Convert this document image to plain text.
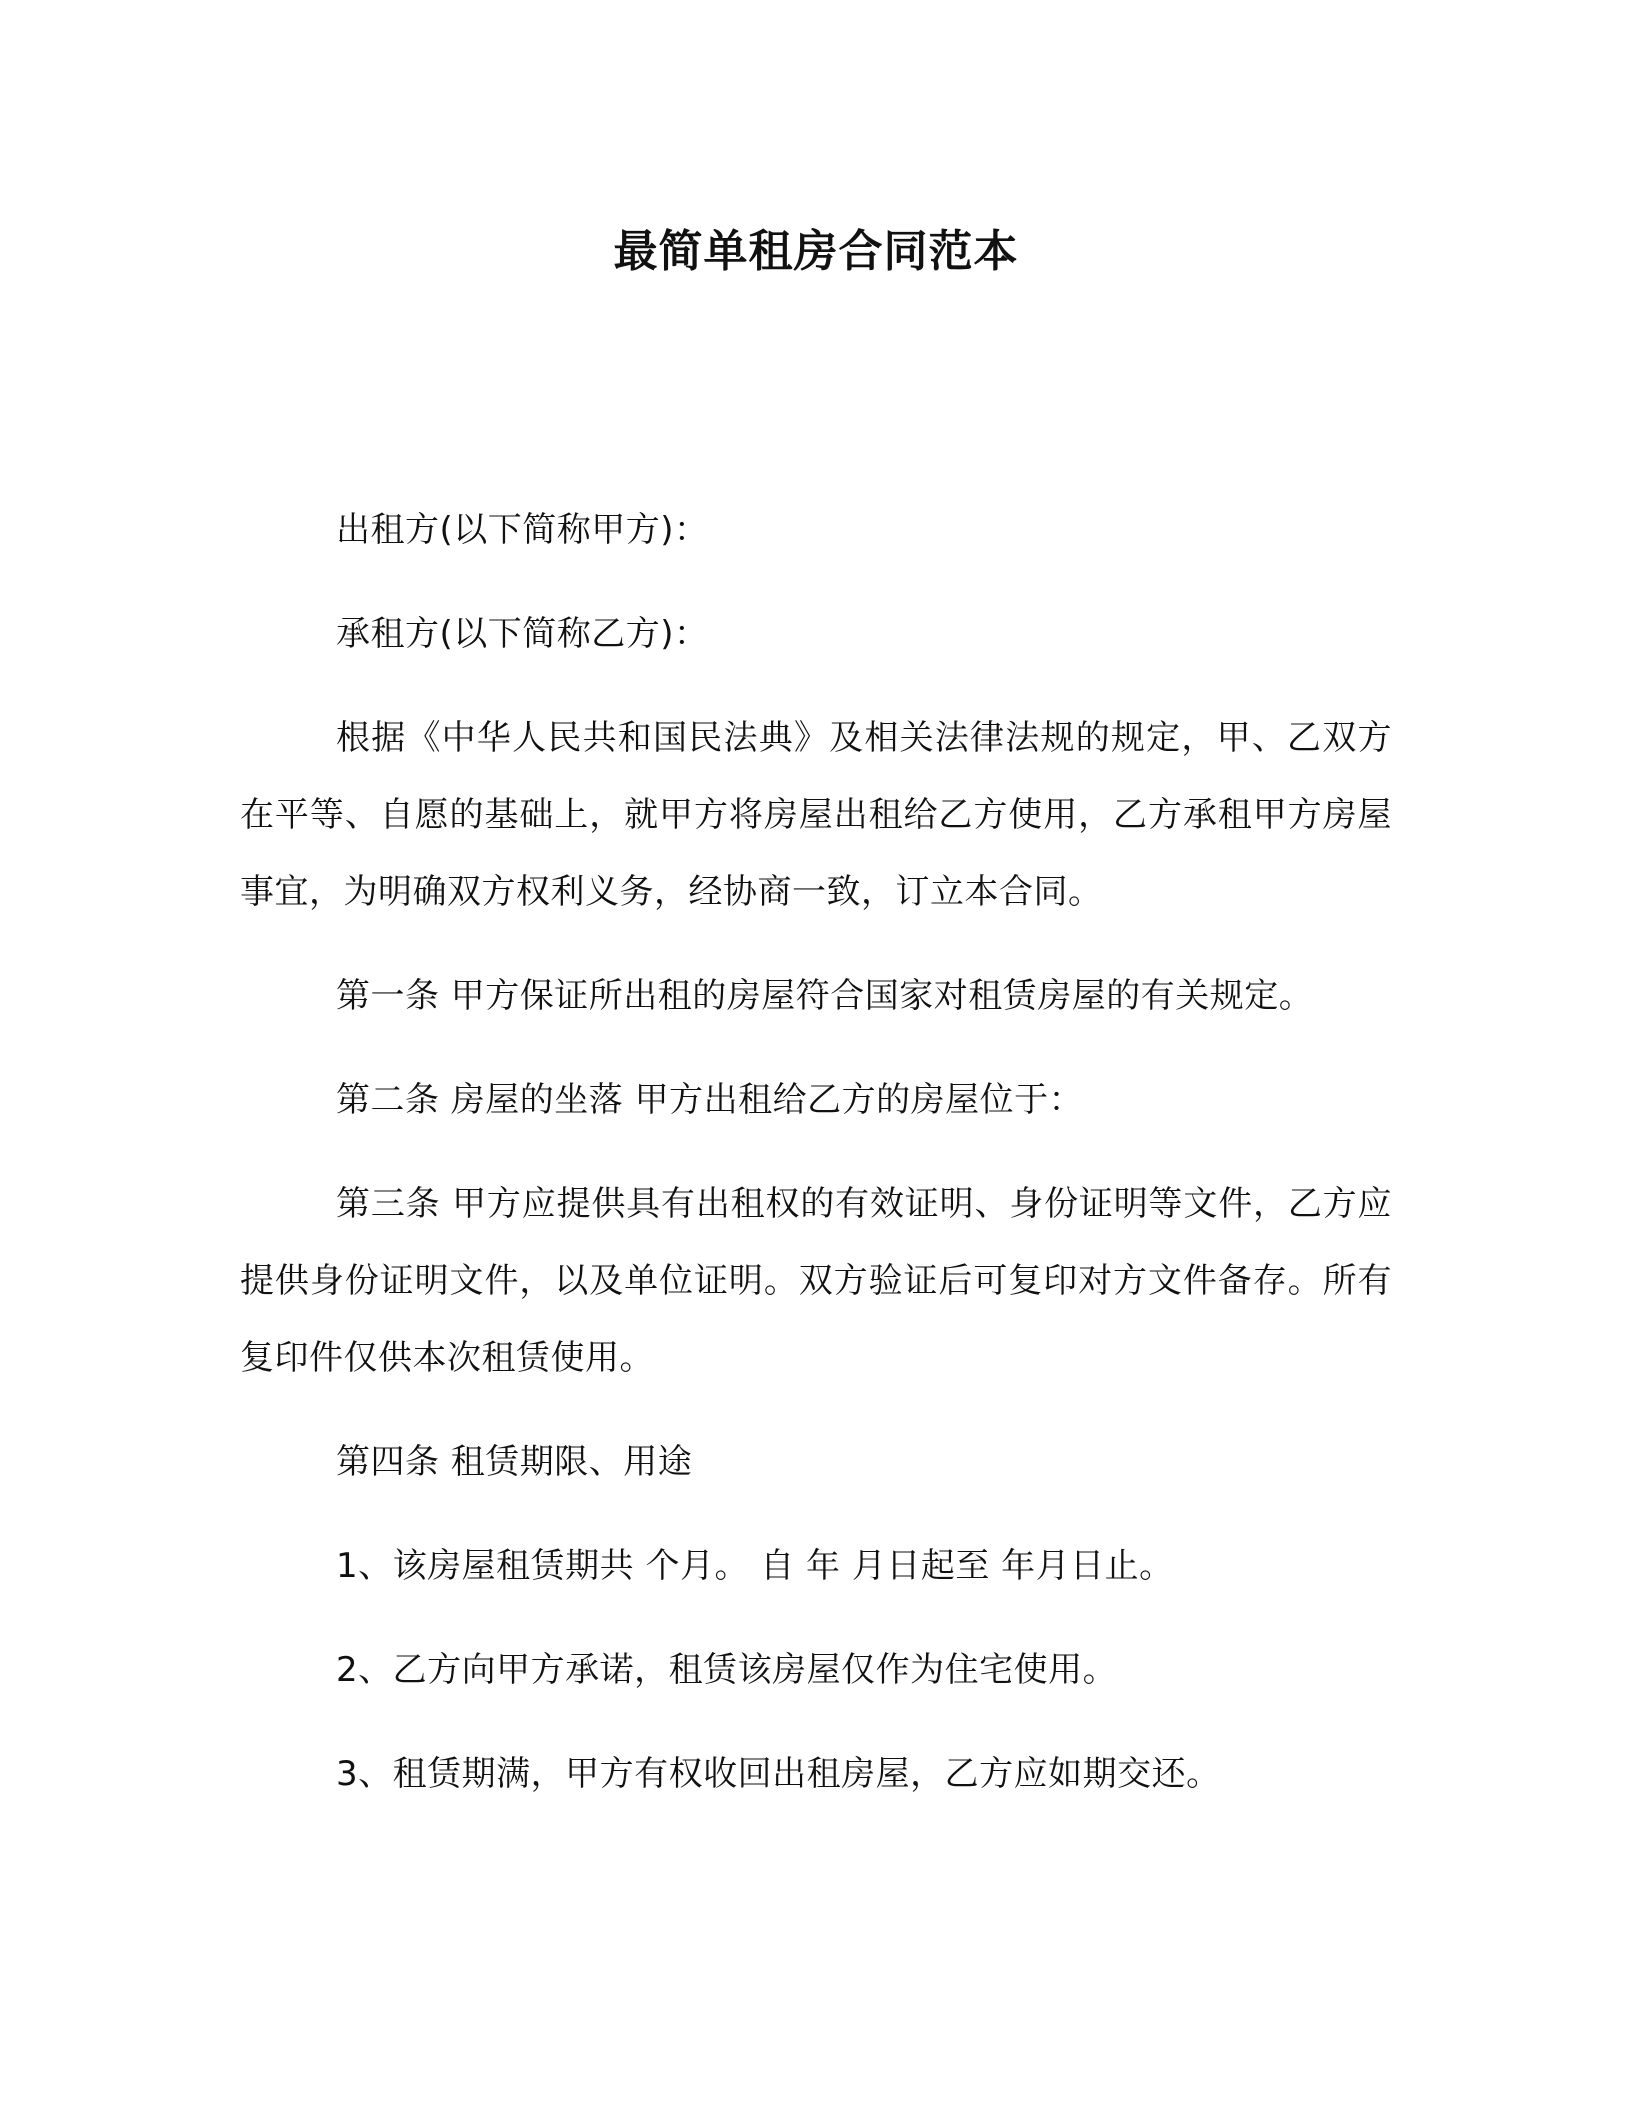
最简单租房合同范本

出租方(以下简称甲方)：

承租方(以下简称乙方)：

根据《中华人民共和国民法典》及相关法律法规的规定，甲、乙双方在平等、自愿的基础上，就甲方将房屋出租给乙方使用，乙方承租甲方房屋事宜，为明确双方权利义务，经协商一致，订立本合同。

第一条 甲方保证所出租的房屋符合国家对租赁房屋的有关规定。

第二条 房屋的坐落 甲方出租给乙方的房屋位于：

第三条 甲方应提供具有出租权的有效证明、身份证明等文件，乙方应提供身份证明文件，以及单位证明。双方验证后可复印对方文件备存。所有复印件仅供本次租赁使用。

第四条 租赁期限、用途

1、该房屋租赁期共 个月。 自 年 月日起至 年月日止。

2、乙方向甲方承诺，租赁该房屋仅作为住宅使用。

3、租赁期满，甲方有权收回出租房屋，乙方应如期交还。
